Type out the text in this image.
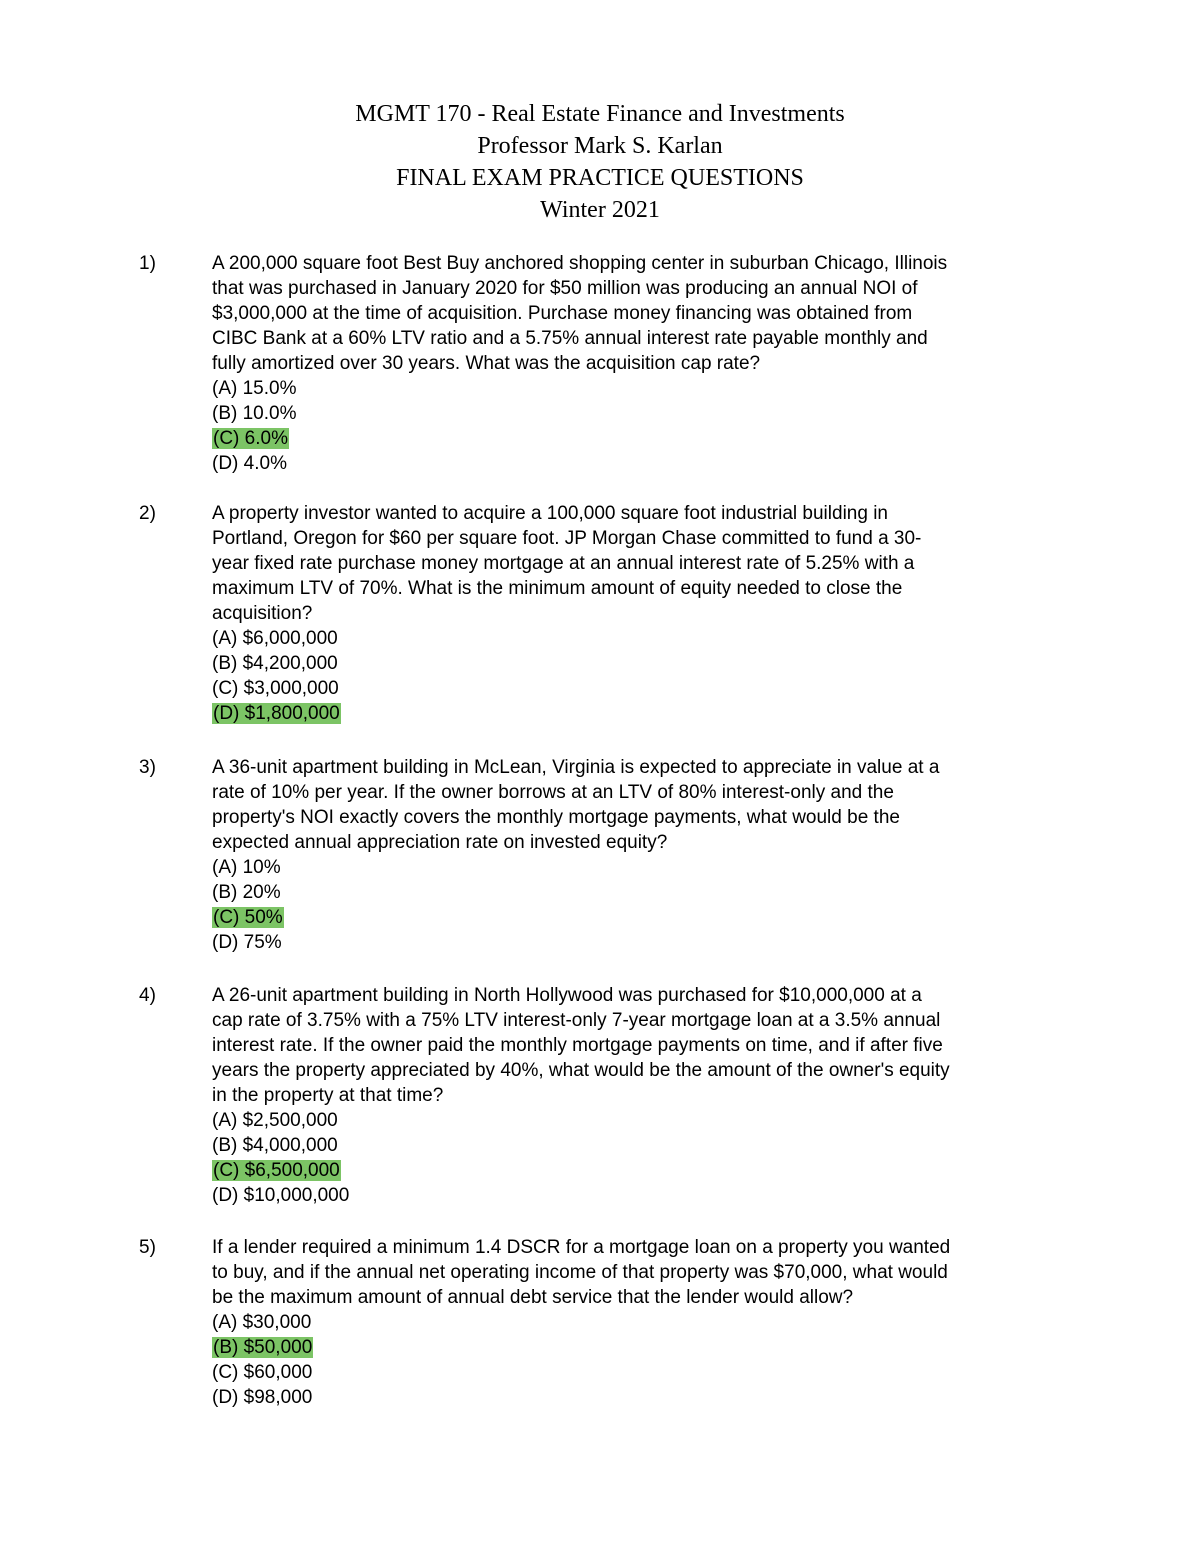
MGMT 170 - Real Estate Finance and Investments
Professor Mark S. Karlan
FINAL EXAM PRACTICE QUESTIONS
Winter 2021
1)	A 200,000 square foot Best Buy anchored shopping center in suburban Chicago, Illinois
that was purchased in January 2020 for $50 million was producing an annual NOI of
$3,000,000 at the time of acquisition. Purchase money financing was obtained from
CIBC Bank at a 60% LTV ratio and a 5.75% annual interest rate payable monthly and
fully amortized over 30 years. What was the acquisition cap rate?
(A) 15.0%
(B) 10.0%
(C) 6.0%
(D) 4.0%
2)	A property investor wanted to acquire a 100,000 square foot industrial building in
Portland, Oregon for $60 per square foot. JP Morgan Chase committed to fund a 30-
year fixed rate purchase money mortgage at an annual interest rate of 5.25% with a
maximum LTV of 70%. What is the minimum amount of equity needed to close the
acquisition?
(A) $6,000,000
(B) $4,200,000
(C) $3,000,000
(D) $1,800,000
3)	A 36-unit apartment building in McLean, Virginia is expected to appreciate in value at a
rate of 10% per year. If the owner borrows at an LTV of 80% interest-only and the
property's NOI exactly covers the monthly mortgage payments, what would be the
expected annual appreciation rate on invested equity?
(A) 10%
(B) 20%
(C) 50%
(D) 75%
4)	A 26-unit apartment building in North Hollywood was purchased for $10,000,000 at a
cap rate of 3.75% with a 75% LTV interest-only 7-year mortgage loan at a 3.5% annual
interest rate. If the owner paid the monthly mortgage payments on time, and if after five
years the property appreciated by 40%, what would be the amount of the owner's equity
in the property at that time?
(A) $2,500,000
(B) $4,000,000
(C) $6,500,000
(D) $10,000,000
5)	If a lender required a minimum 1.4 DSCR for a mortgage loan on a property you wanted
to buy, and if the annual net operating income of that property was $70,000, what would
be the maximum amount of annual debt service that the lender would allow?
(A) $30,000
(B) $50,000
(C) $60,000
(D) $98,000
